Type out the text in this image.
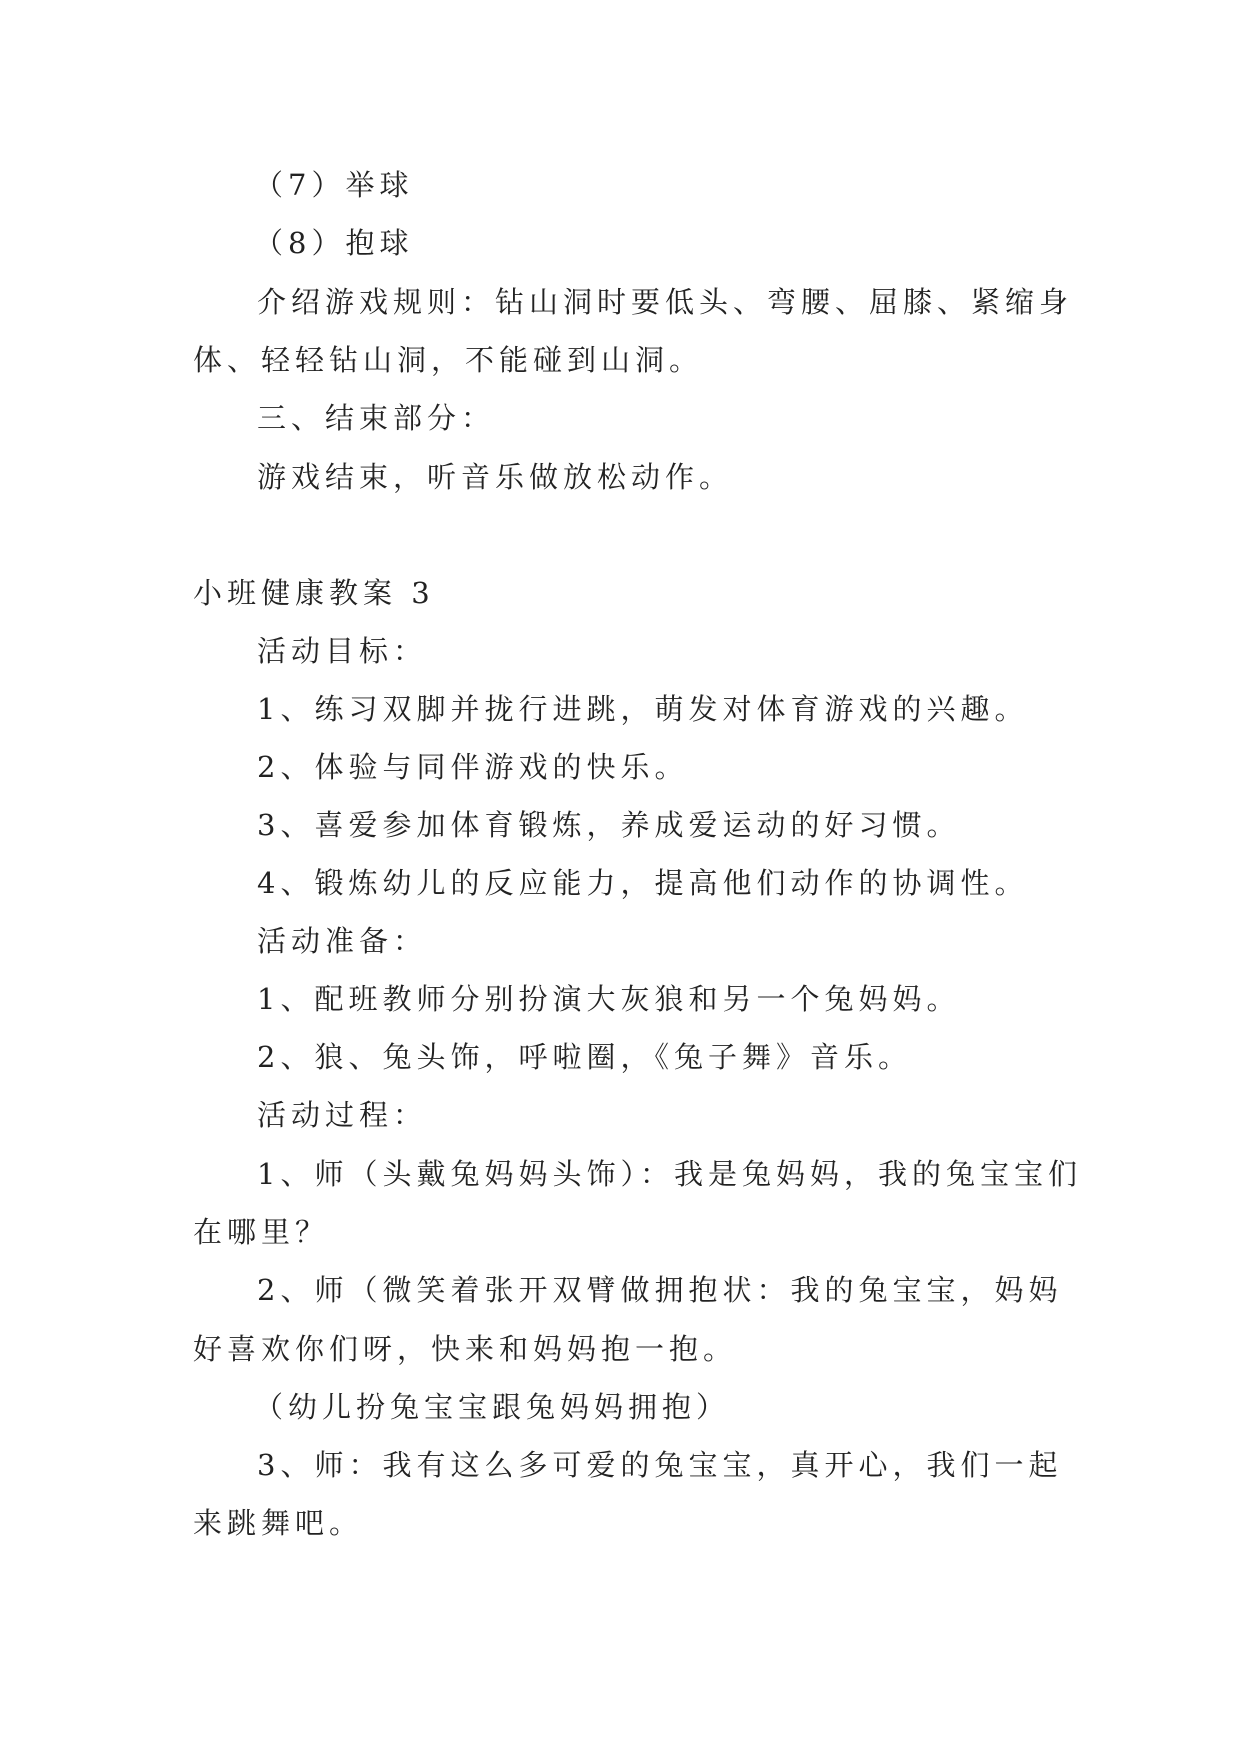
（7）举球
（8）抱球
介绍游戏规则：钻山洞时要低头、弯腰、屈膝、紧缩身
体、轻轻钻山洞，不能碰到山洞。
三、结束部分：
游戏结束，听音乐做放松动作。
小班健康教案 3
活动目标：
1、练习双脚并拢行进跳，萌发对体育游戏的兴趣。
2、体验与同伴游戏的快乐。
3、喜爱参加体育锻炼，养成爱运动的好习惯。
4、锻炼幼儿的反应能力，提高他们动作的协调性。
活动准备：
1、配班教师分别扮演大灰狼和另一个兔妈妈。
2、狼、兔头饰，呼啦圈，《兔子舞》音乐。
活动过程：
1、师（头戴兔妈妈头饰）：我是兔妈妈，我的兔宝宝们
在哪里？
2、师（微笑着张开双臂做拥抱状：我的兔宝宝，妈妈
好喜欢你们呀，快来和妈妈抱一抱。
（幼儿扮兔宝宝跟兔妈妈拥抱）
3、师：我有这么多可爱的兔宝宝，真开心，我们一起
来跳舞吧。
